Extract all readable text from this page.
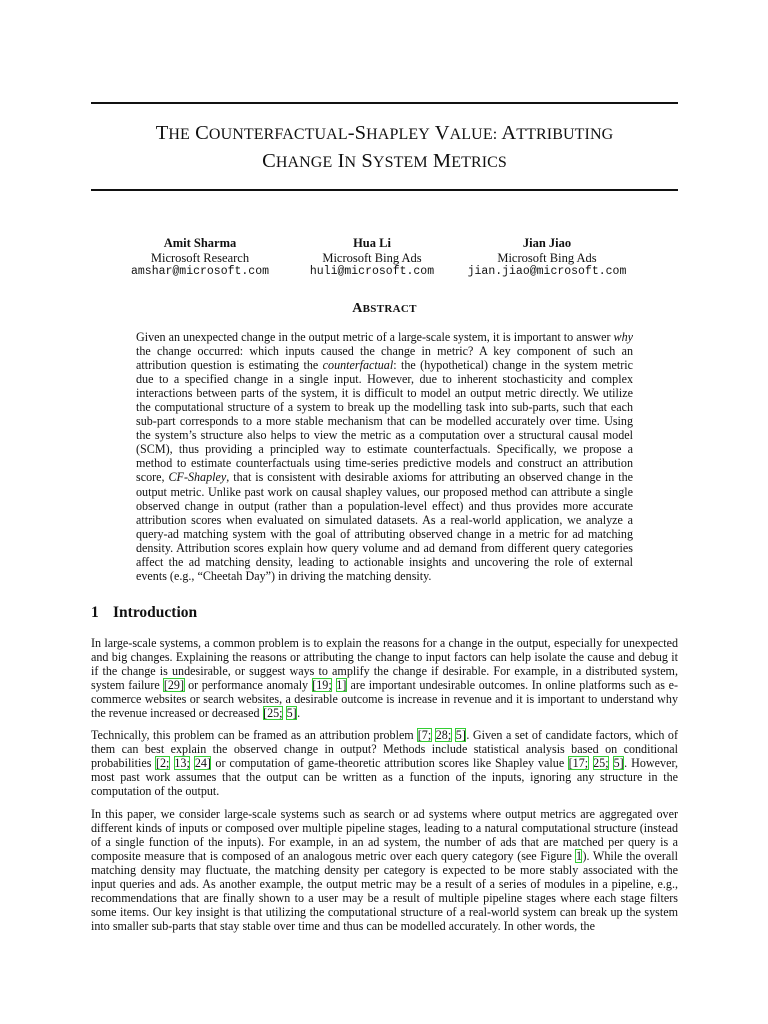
THE COUNTERFACTUAL-SHAPLEY VALUE: ATTRIBUTING
CHANGE IN SYSTEM METRICS
Amit Sharma
Microsoft Research
amshar@microsoft.com
Hua Li
Microsoft Bing Ads
huli@microsoft.com
Jian Jiao
Microsoft Bing Ads
jian.jiao@microsoft.com
ABSTRACT

Given an unexpected change in the output metric of a large-scale system, it is important to answer why the change occurred: which inputs caused the change in metric? A key component of such an attribution question is estimating the counterfactual: the (hypothetical) change in the system metric due to a specified change in a single input. However, due to inherent stochasticity and complex interactions between parts of the system, it is difficult to model an output metric directly. We utilize the computational structure of a system to break up the modelling task into sub-parts, such that each sub-part corresponds to a more stable mechanism that can be modelled accurately over time. Using the system’s structure also helps to view the metric as a computation over a structural causal model (SCM), thus providing a principled way to estimate counterfactuals. Specifically, we propose a method to estimate counterfactuals using time-series predictive models and construct an attribution score, CF-Shapley, that is consistent with desirable axioms for attributing an observed change in the output metric. Unlike past work on causal shapley values, our proposed method can attribute a single observed change in output (rather than a population-level effect) and thus provides more accurate attribution scores when evaluated on simulated datasets. As a real-world application, we analyze a query-ad matching system with the goal of attributing observed change in a metric for ad matching density. Attribution scores explain how query volume and ad demand from different query categories affect the ad matching density, leading to actionable insights and uncovering the role of external events (e.g., “Cheetah Day”) in driving the matching density.

1 Introduction

In large-scale systems, a common problem is to explain the reasons for a change in the output, especially for unexpected and big changes. Explaining the reasons or attributing the change to input factors can help isolate the cause and debug it if the change is undesirable, or suggest ways to amplify the change if desirable. For example, in a distributed system, system failure [29] or performance anomaly [19; 1] are important undesirable outcomes. In online platforms such as e-commerce websites or search websites, a desirable outcome is increase in revenue and it is important to understand why the revenue increased or decreased [25; 5].

Technically, this problem can be framed as an attribution problem [7; 28; 5]. Given a set of candidate factors, which of them can best explain the observed change in output? Methods include statistical analysis based on conditional probabilities [2; 13; 24] or computation of game-theoretic attribution scores like Shapley value [17; 25; 5]. However, most past work assumes that the output can be written as a function of the inputs, ignoring any structure in the computation of the output.

In this paper, we consider large-scale systems such as search or ad systems where output metrics are aggregated over different kinds of inputs or composed over multiple pipeline stages, leading to a natural computational structure (instead of a single function of the inputs). For example, in an ad system, the number of ads that are matched per query is a composite measure that is composed of an analogous metric over each query category (see Figure 1). While the overall matching density may fluctuate, the matching density per category is expected to be more stably associated with the input queries and ads. As another example, the output metric may be a result of a series of modules in a pipeline, e.g., recommendations that are finally shown to a user may be a result of multiple pipeline stages where each stage filters some items. Our key insight is that utilizing the computational structure of a real-world system can break up the system into smaller sub-parts that stay stable over time and thus can be modelled accurately. In other words, the
